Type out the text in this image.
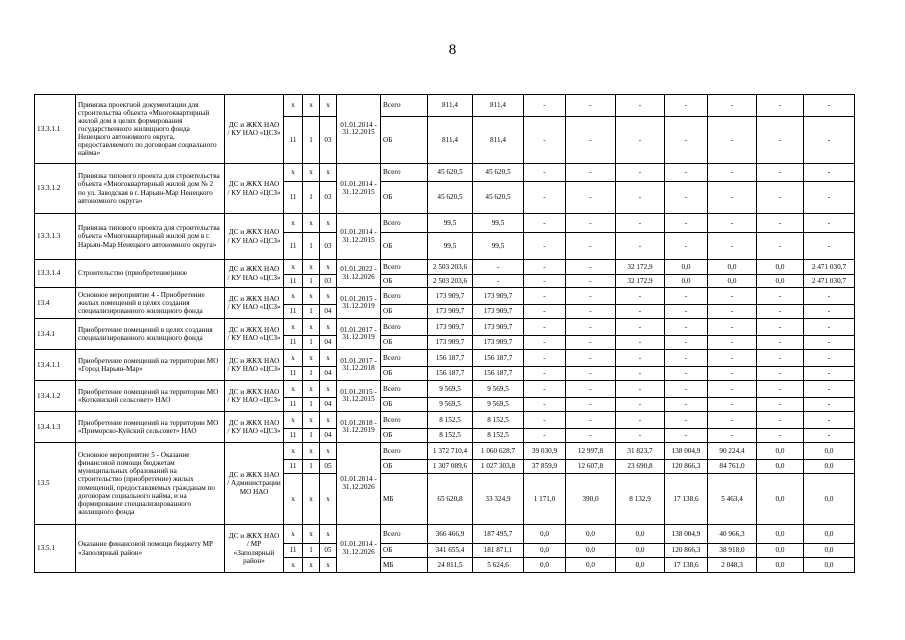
8
13.3.1.1	Привязка проектной документации для строительства объекта «Многоквартирный жилой дом в целях формирования государственного жилищного фонда Ненецкого автономного округа, предоставляемого по договорам социального найма»	ДС и ЖКХ НАО / КУ НАО «ЦСЗ»	x	x	x	01.01.2014 - 31.12.2015	Всего	811,4	811,4	-	-	-	-	-	-	-
			11	1	03		ОБ	811,4	811,4	-	-	-	-	-	-	-
13.3.1.2	Привязка типового проекта для строительства объекта «Многоквартирный жилой дом № 2 по ул. Заводская в г. Нарьян-Мар Ненецкого автономного округа»	ДС и ЖКХ НАО / КУ НАО «ЦСЗ»	x	x	x	01.01.2014 - 31.12.2015	Всего	45 620,5	45 620,5	-	-	-	-	-	-	-
			11	1	03		ОБ	45 620,5	45 620,5	-	-	-	-	-	-	-
13.3.1.3	Привязка типового проекта для строительства объекта «Многоквартирный жилой дом в г. Нарьян-Мар Ненецкого автономного округа»	ДС и ЖКХ НАО / КУ НАО «ЦСЗ»	x	x	x	01.01.2014 - 31.12.2015	Всего	99,5	99,5	-	-	-	-	-	-	-
			11	1	03		ОБ	99,5	99,5	-	-	-	-	-	-	-
13.3.1.4	Строительство (приобретение)нное	ДС и ЖКХ НАО / КУ НАО «ЦСЗ»	x	x	x	01.01.2022 - 31.12.2026	Всего	2 503 203,6	-	-	-	32 172,9	0,0	0,0	0,0	2 471 030,7
			11	1	03		ОБ	2 503 203,6	-	-	-	32 172,9	0,0	0,0	0,0	2 471 030,7
13.4	Основное мероприятие 4 - Приобретение жилых помещений в целях создания специализированного жилищного фонда	ДС и ЖКХ НАО / КУ НАО «ЦСЗ»	x	x	x	01.01.2015 - 31.12.2019	Всего	173 909,7	173 909,7	-	-	-	-	-	-	-
			11	1	04		ОБ	173 909,7	173 909,7	-	-	-	-	-	-	-
13.4.1	Приобретение помещений в целях создания специализированного жилищного фонда	ДС и ЖКХ НАО / КУ НАО «ЦСЗ»	x	x	x	01.01.2017 - 31.12.2019	Всего	173 909,7	173 909,7	-	-	-	-	-	-	-
			11	1	04		ОБ	173 909,7	173 909,7	-	-	-	-	-	-	-
13.4.1.1	Приобретение помещений на территории МО «Город Нарьян-Мар»	ДС и ЖКХ НАО / КУ НАО «ЦСЗ»	x	x	x	01.01.2017 - 31.12.2018	Всего	156 187,7	156 187,7	-	-	-	-	-	-	-
			11	1	04		ОБ	156 187,7	156 187,7	-	-	-	-	-	-	-
13.4.1.2	Приобретение помещений на территории МО «Коткинский сельсовет» НАО	ДС и ЖКХ НАО / КУ НАО «ЦСЗ»	x	x	x	01.01.2015 - 31.12.2015	Всего	9 569,5	9 569,5	-	-	-	-	-	-	-
			11	1	04		ОБ	9 569,5	9 569,5	-	-	-	-	-	-	-
13.4.1.3	Приобретение помещений на территории МО «Приморско-Куйский сельсовет» НАО	ДС и ЖКХ НАО / КУ НАО «ЦСЗ»	x	x	x	01.01.2018 - 31.12.2019	Всего	8 152,5	8 152,5	-	-	-	-	-	-	-
			11	1	04		ОБ	8 152,5	8 152,5	-	-	-	-	-	-	-
13.5	Основное мероприятие 5 - Оказание финансовой помощи бюджетам муниципальных образований на строительство (приобретение) жилых помещений, предоставляемых гражданам по договорам социального найма, и на формирование специализированного жилищного фонда	ДС и ЖКХ НАО / Администрации МО НАО	x	x	x	01.01.2014 - 31.12.2026	Всего	1 372 710,4	1 060 628,7	39 030,9	12 997,8	31 823,7	138 004,9	90 224,4	0,0	0,0
			11	1	05		ОБ	1 307 089,6	1 027 303,8	37 859,9	12 607,8	23 690,8	120 866,3	84 761,0	0,0	0,0
			x	x	x		МБ	65 620,8	33 324,9	1 171,0	390,0	8 132,9	17 138,6	5 463,4	0,0	0,0
13.5.1	Оказание финансовой помощи бюджету МР «Заполярный район»	ДС и ЖКХ НАО / МР «Заполярный район»	x	x	x	01.01.2014 - 31.12.2026	Всего	366 466,9	187 495,7	0,0	0,0	0,0	138 004,9	40 966,3	0,0	0,0
			11	1	05		ОБ	341 655,4	181 871,1	0,0	0,0	0,0	120 866,3	38 918,0	0,0	0,0
			x	x	x		МБ	24 811,5	5 624,6	0,0	0,0	0,0	17 138,6	2 048,3	0,0	0,0
